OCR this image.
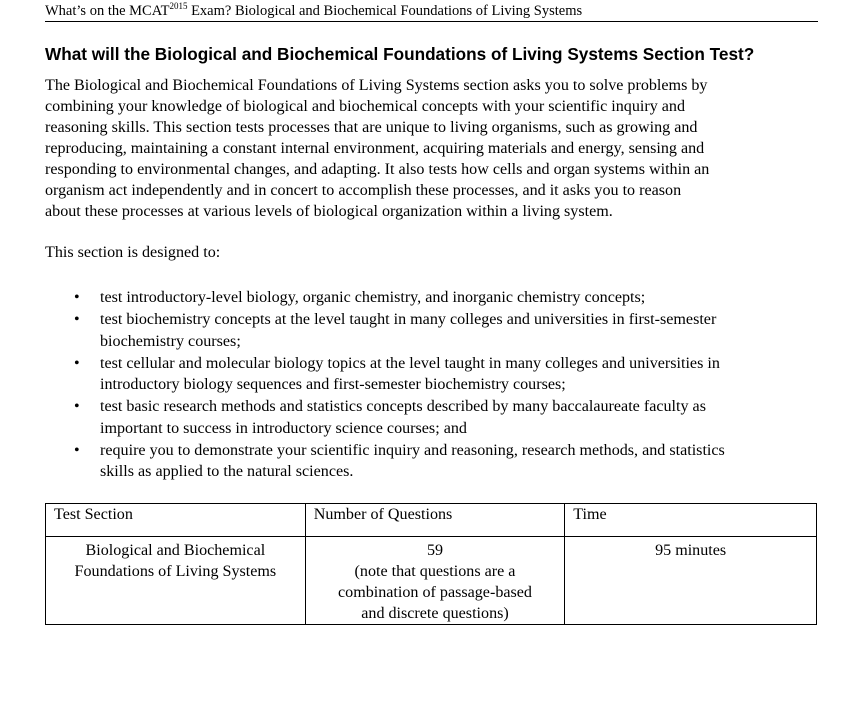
What’s on the $MCAT^{2015}$ Exam? Biological and Biochemical Foundations of Living Systems
What will the Biological and Biochemical Foundations of Living Systems Section Test?

The Biological and Biochemical Foundations of Living Systems section asks you to solve problems by
combining your knowledge of biological and biochemical concepts with your scientific inquiry and
reasoning skills. This section tests processes that are unique to living organisms, such as growing and
reproducing, maintaining a constant internal environment, acquiring materials and energy, sensing and
responding to environmental changes, and adapting. It also tests how cells and organ systems within an
organism act independently and in concert to accomplish these processes, and it asks you to reason
about these processes at various levels of biological organization within a living system.

This section is designed to:

• test introductory-level biology, organic chemistry, and inorganic chemistry concepts;
• test biochemistry concepts at the level taught in many colleges and universities in first-semester
biochemistry courses;
• test cellular and molecular biology topics at the level taught in many colleges and universities in
introductory biology sequences and first-semester biochemistry courses;
• test basic research methods and statistics concepts described by many baccalaureate faculty as
important to success in introductory science courses; and
• require you to demonstrate your scientific inquiry and reasoning, research methods, and statistics
skills as applied to the natural sciences.
Test Section	Number of Questions	Time

Biological and Biochemical
Foundations of Living Systems	59
(note that questions are a
combination of passage-based
and discrete questions)	95 minutes
